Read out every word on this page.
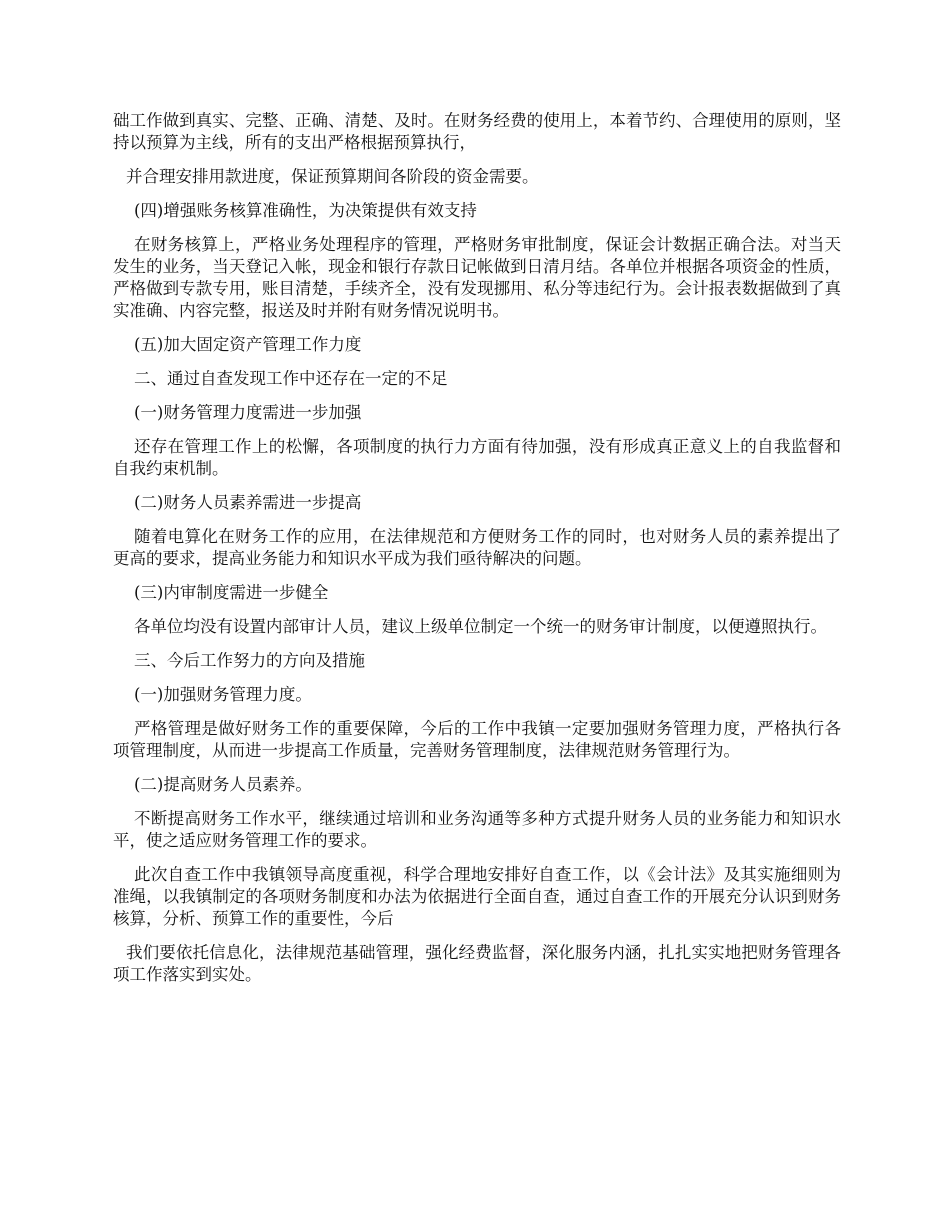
础工作做到真实、完整、正确、清楚、及时。在财务经费的使用上，本着节约、合理使用的原则，坚持以预算为主线，所有的支出严格根据预算执行，

并合理安排用款进度，保证预算期间各阶段的资金需要。

(四)增强账务核算准确性，为决策提供有效支持

在财务核算上，严格业务处理程序的管理，严格财务审批制度，保证会计数据正确合法。对当天发生的业务，当天登记入帐，现金和银行存款日记帐做到日清月结。各单位并根据各项资金的性质，严格做到专款专用，账目清楚，手续齐全，没有发现挪用、私分等违纪行为。会计报表数据做到了真实准确、内容完整，报送及时并附有财务情况说明书。

(五)加大固定资产管理工作力度

二、通过自查发现工作中还存在一定的不足

(一)财务管理力度需进一步加强

还存在管理工作上的松懈，各项制度的执行力方面有待加强，没有形成真正意义上的自我监督和自我约束机制。

(二)财务人员素养需进一步提高

随着电算化在财务工作的应用，在法律规范和方便财务工作的同时，也对财务人员的素养提出了更高的要求，提高业务能力和知识水平成为我们亟待解决的问题。

(三)内审制度需进一步健全

各单位均没有设置内部审计人员，建议上级单位制定一个统一的财务审计制度，以便遵照执行。

三、今后工作努力的方向及措施

(一)加强财务管理力度。

严格管理是做好财务工作的重要保障，今后的工作中我镇一定要加强财务管理力度，严格执行各项管理制度，从而进一步提高工作质量，完善财务管理制度，法律规范财务管理行为。

(二)提高财务人员素养。

不断提高财务工作水平，继续通过培训和业务沟通等多种方式提升财务人员的业务能力和知识水平，使之适应财务管理工作的要求。

此次自查工作中我镇领导高度重视，科学合理地安排好自查工作，以《会计法》及其实施细则为准绳，以我镇制定的各项财务制度和办法为依据进行全面自查，通过自查工作的开展充分认识到财务核算，分析、预算工作的重要性，今后

我们要依托信息化，法律规范基础管理，强化经费监督，深化服务内涵，扎扎实实地把财务管理各项工作落实到实处。
